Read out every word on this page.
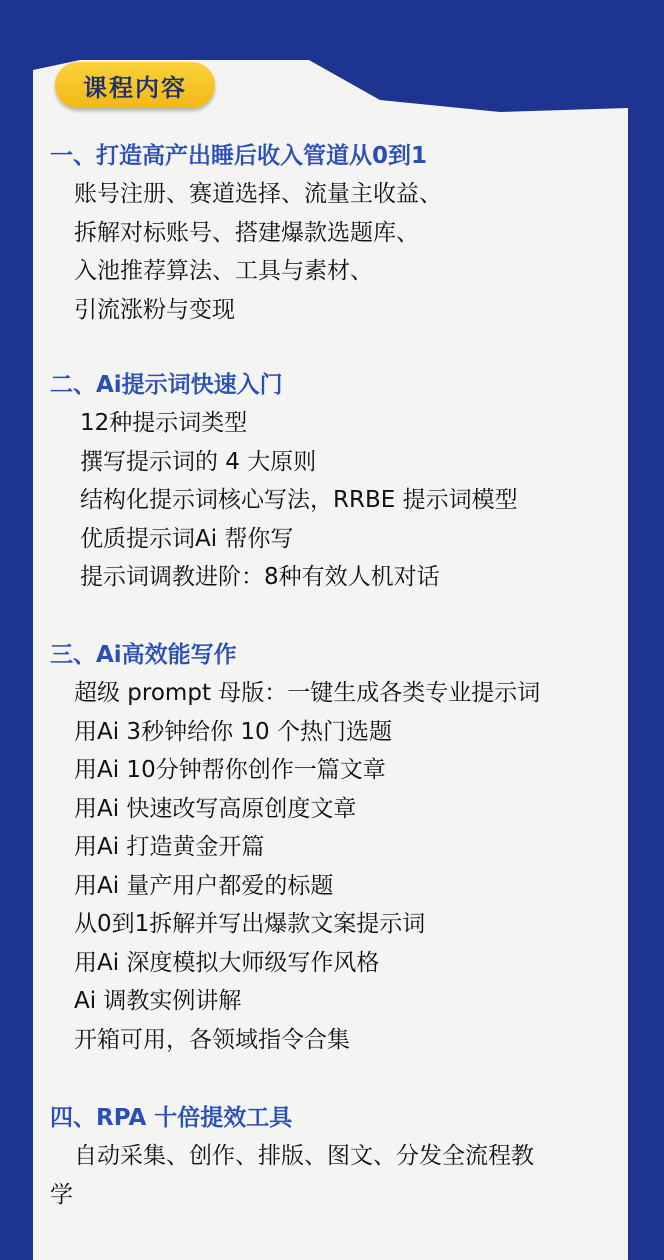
课程内容
一、打造高产出睡后收入管道从0到1
账号注册、赛道选择、流量主收益、
拆解对标账号、搭建爆款选题库、
入池推荐算法、工具与素材、
引流涨粉与变现
二、Ai提示词快速入门
12种提示词类型
撰写提示词的 4 大原则
结构化提示词核心写法，RRBE 提示词模型
优质提示词Ai 帮你写
提示词调教进阶：8种有效人机对话
三、Ai高效能写作
超级 prompt 母版：一键生成各类专业提示词
用Ai 3秒钟给你 10 个热门选题
用Ai 10分钟帮你创作一篇文章
用Ai 快速改写高原创度文章
用Ai 打造黄金开篇
用Ai 量产用户都爱的标题
从0到1拆解并写出爆款文案提示词
用Ai 深度模拟大师级写作风格
Ai 调教实例讲解
开箱可用，各领域指令合集
四、RPA 十倍提效工具
自动采集、创作、排版、图文、分发全流程教
学
